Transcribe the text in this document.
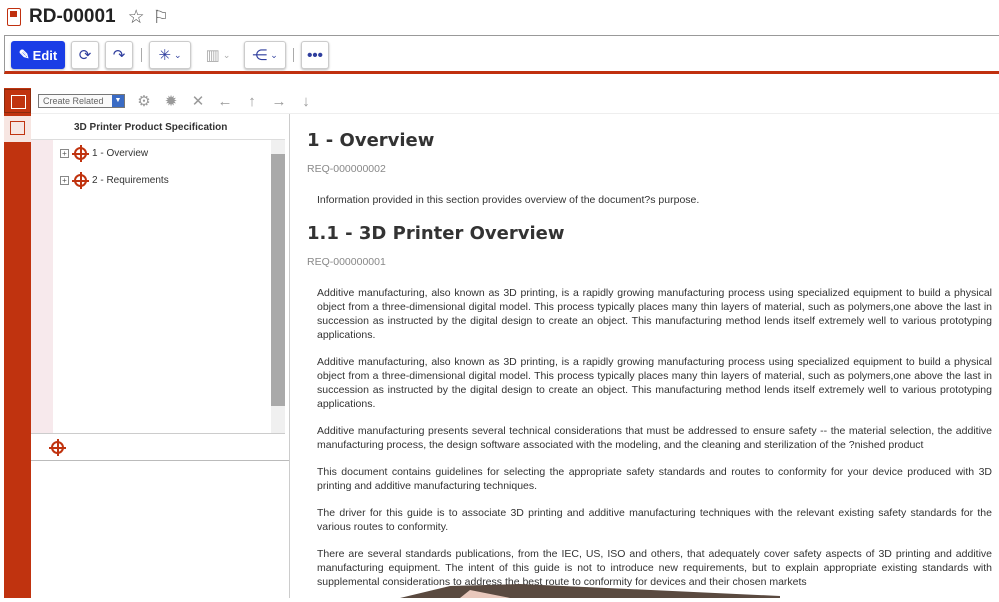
RD-00001 ☆ ⚐
✎ Edit ⟳ ↷ ✳ ⌄ ▥ ⌄ ⋲ ⌄ •••
Create Related	▼ ⚙ ✹ ✕ ← ↑ → ↓
3D Printer Product Specification
+	1 - Overview
+	2 - Requirements
1 - Overview
REQ-000000002

Information provided in this section provides overview of the document?s purpose.

1.1 - 3D Printer Overview
REQ-000000001

Additive manufacturing, also known as 3D printing, is a rapidly growing manufacturing process using specialized equipment to build a physical object from a three-dimensional digital model. This process typically places many thin layers of material, such as polymers,one above the last in succession as instructed by the digital design to create an object. This manufacturing method lends itself extremely well to various prototyping applications.

Additive manufacturing, also known as 3D printing, is a rapidly growing manufacturing process using specialized equipment to build a physical object from a three-dimensional digital model. This process typically places many thin layers of material, such as polymers,one above the last in succession as instructed by the digital design to create an object. This manufacturing method lends itself extremely well to various prototyping applications.

Additive manufacturing presents several technical considerations that must be addressed to ensure safety -- the material selection, the additive manufacturing process, the design software associated with the modeling, and the cleaning and sterilization of the ?nished product

This document contains guidelines for selecting the appropriate safety standards and routes to conformity for your device produced with 3D printing and additive manufacturing techniques.

The driver for this guide is to associate 3D printing and additive manufacturing techniques with the relevant existing safety standards for the various routes to conformity.

There are several standards publications, from the IEC, US, ISO and others, that adequately cover safety aspects of 3D printing and additive manufacturing equipment. The intent of this guide is not to introduce new requirements, but to explain appropriate existing standards with supplemental considerations to address the best route to conformity for devices and their chosen markets
